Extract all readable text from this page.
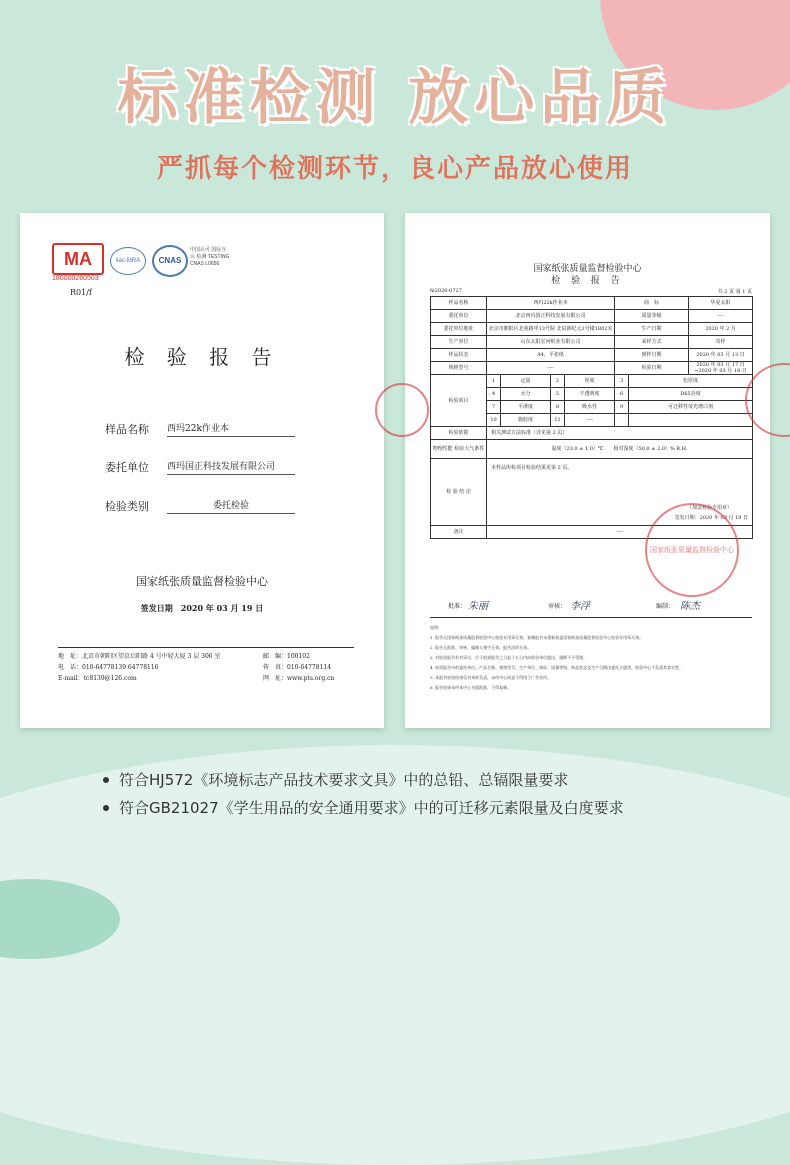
标准检测 放心品质
严抓每个检测环节，良心产品放心使用
MA
180000260503
ilac-MRA	CNAS
中国认可 国际互认 检测 TESTING CNAS L0656
R01/f
检 验 报 告
样品名称 西玛22k作业本
委托单位 西玛国正科技发展有限公司
检验类别	委托检验
国家纸张质量监督检验中心
签发日期　2020 年 03 月 19 日
地　址：北京市朝阳区望京启阳路 4 号中轻大厦 3 层 306 室
电　话：010-64778139 64778116
E-mail：tc8139@126.com
邮　编：100102
传　真：010-64778114
网　址：www.pts.org.cn
国家纸张质量监督检验中心
检 验 报 告
№2020-0727	共 2 页 第 1 页
样品名称	西玛22k作业本				商　标		华夏太阳
委托单位	北京西玛国正科技发展有限公司				质量等级		----
委托单位地址	北京市朝阳区北苑路甲13号院 北辰新纪元2号楼1802室				生产日期		2020 年 2 月
生产单位	山东太阳宏河纸业有限公司				来样方式		寄样
样品状态	A4，平张纸				到样日期		2020 年 03 月 13 日
规格型号	----				检验日期		2020 年 03 月 17 日 ~2020 年 03 月 18 日
检验项目	1	定量	2	厚度	3	松厚度	
	4	水分	5	不透明度	6	D65亮度	
	7	平滑度	8	吸水性	9	可迁移性荧光增白剂	
	10	施胶度	11	----			
检验依据	相关测试方法标准（详见第 2 页）						
物理性能 检验大气条件	温度（23.0 ± 1.0）℃　　相对湿度（50.0 ± 2.0）% R.H.						
检 验 结 论	本样品所检项目检验结果见第 2 页。
（加盖检验专用章）
签发日期：2020 年 03 月 19 日						

备注	----						
国家纸张质量监督检验中心
批准： 朱丽	审核： 李浮	编制： 陈杰
说明：
1. 报告无国家纸张质量监督检验中心检验专用章无效，复制报告未重新加盖国家纸张质量监督检验中心检验专用章无效。
2. 报告无批准、审核、编制人签字无效。报告涂改无效。
3. 对检验报告若有异议，应于收到报告之日起十五日内向检验单位提出，逾期不予受理。
4. 检验报告中的委托单位、产品名称、规格型号、生产单位、商标、质量等级、样品状态及生产日期由委托方提供，检验中心不负责其真实性。
5. 本报告检验结果仅对来样负责，未经中心同意不得用于广告宣传。
6. 报告结果未经本中心书面批准，不得复制。
符合HJ572《环境标志产品技术要求文具》中的总铅、总镉限量要求
符合GB21027《学生用品的安全通用要求》中的可迁移元素限量及白度要求
